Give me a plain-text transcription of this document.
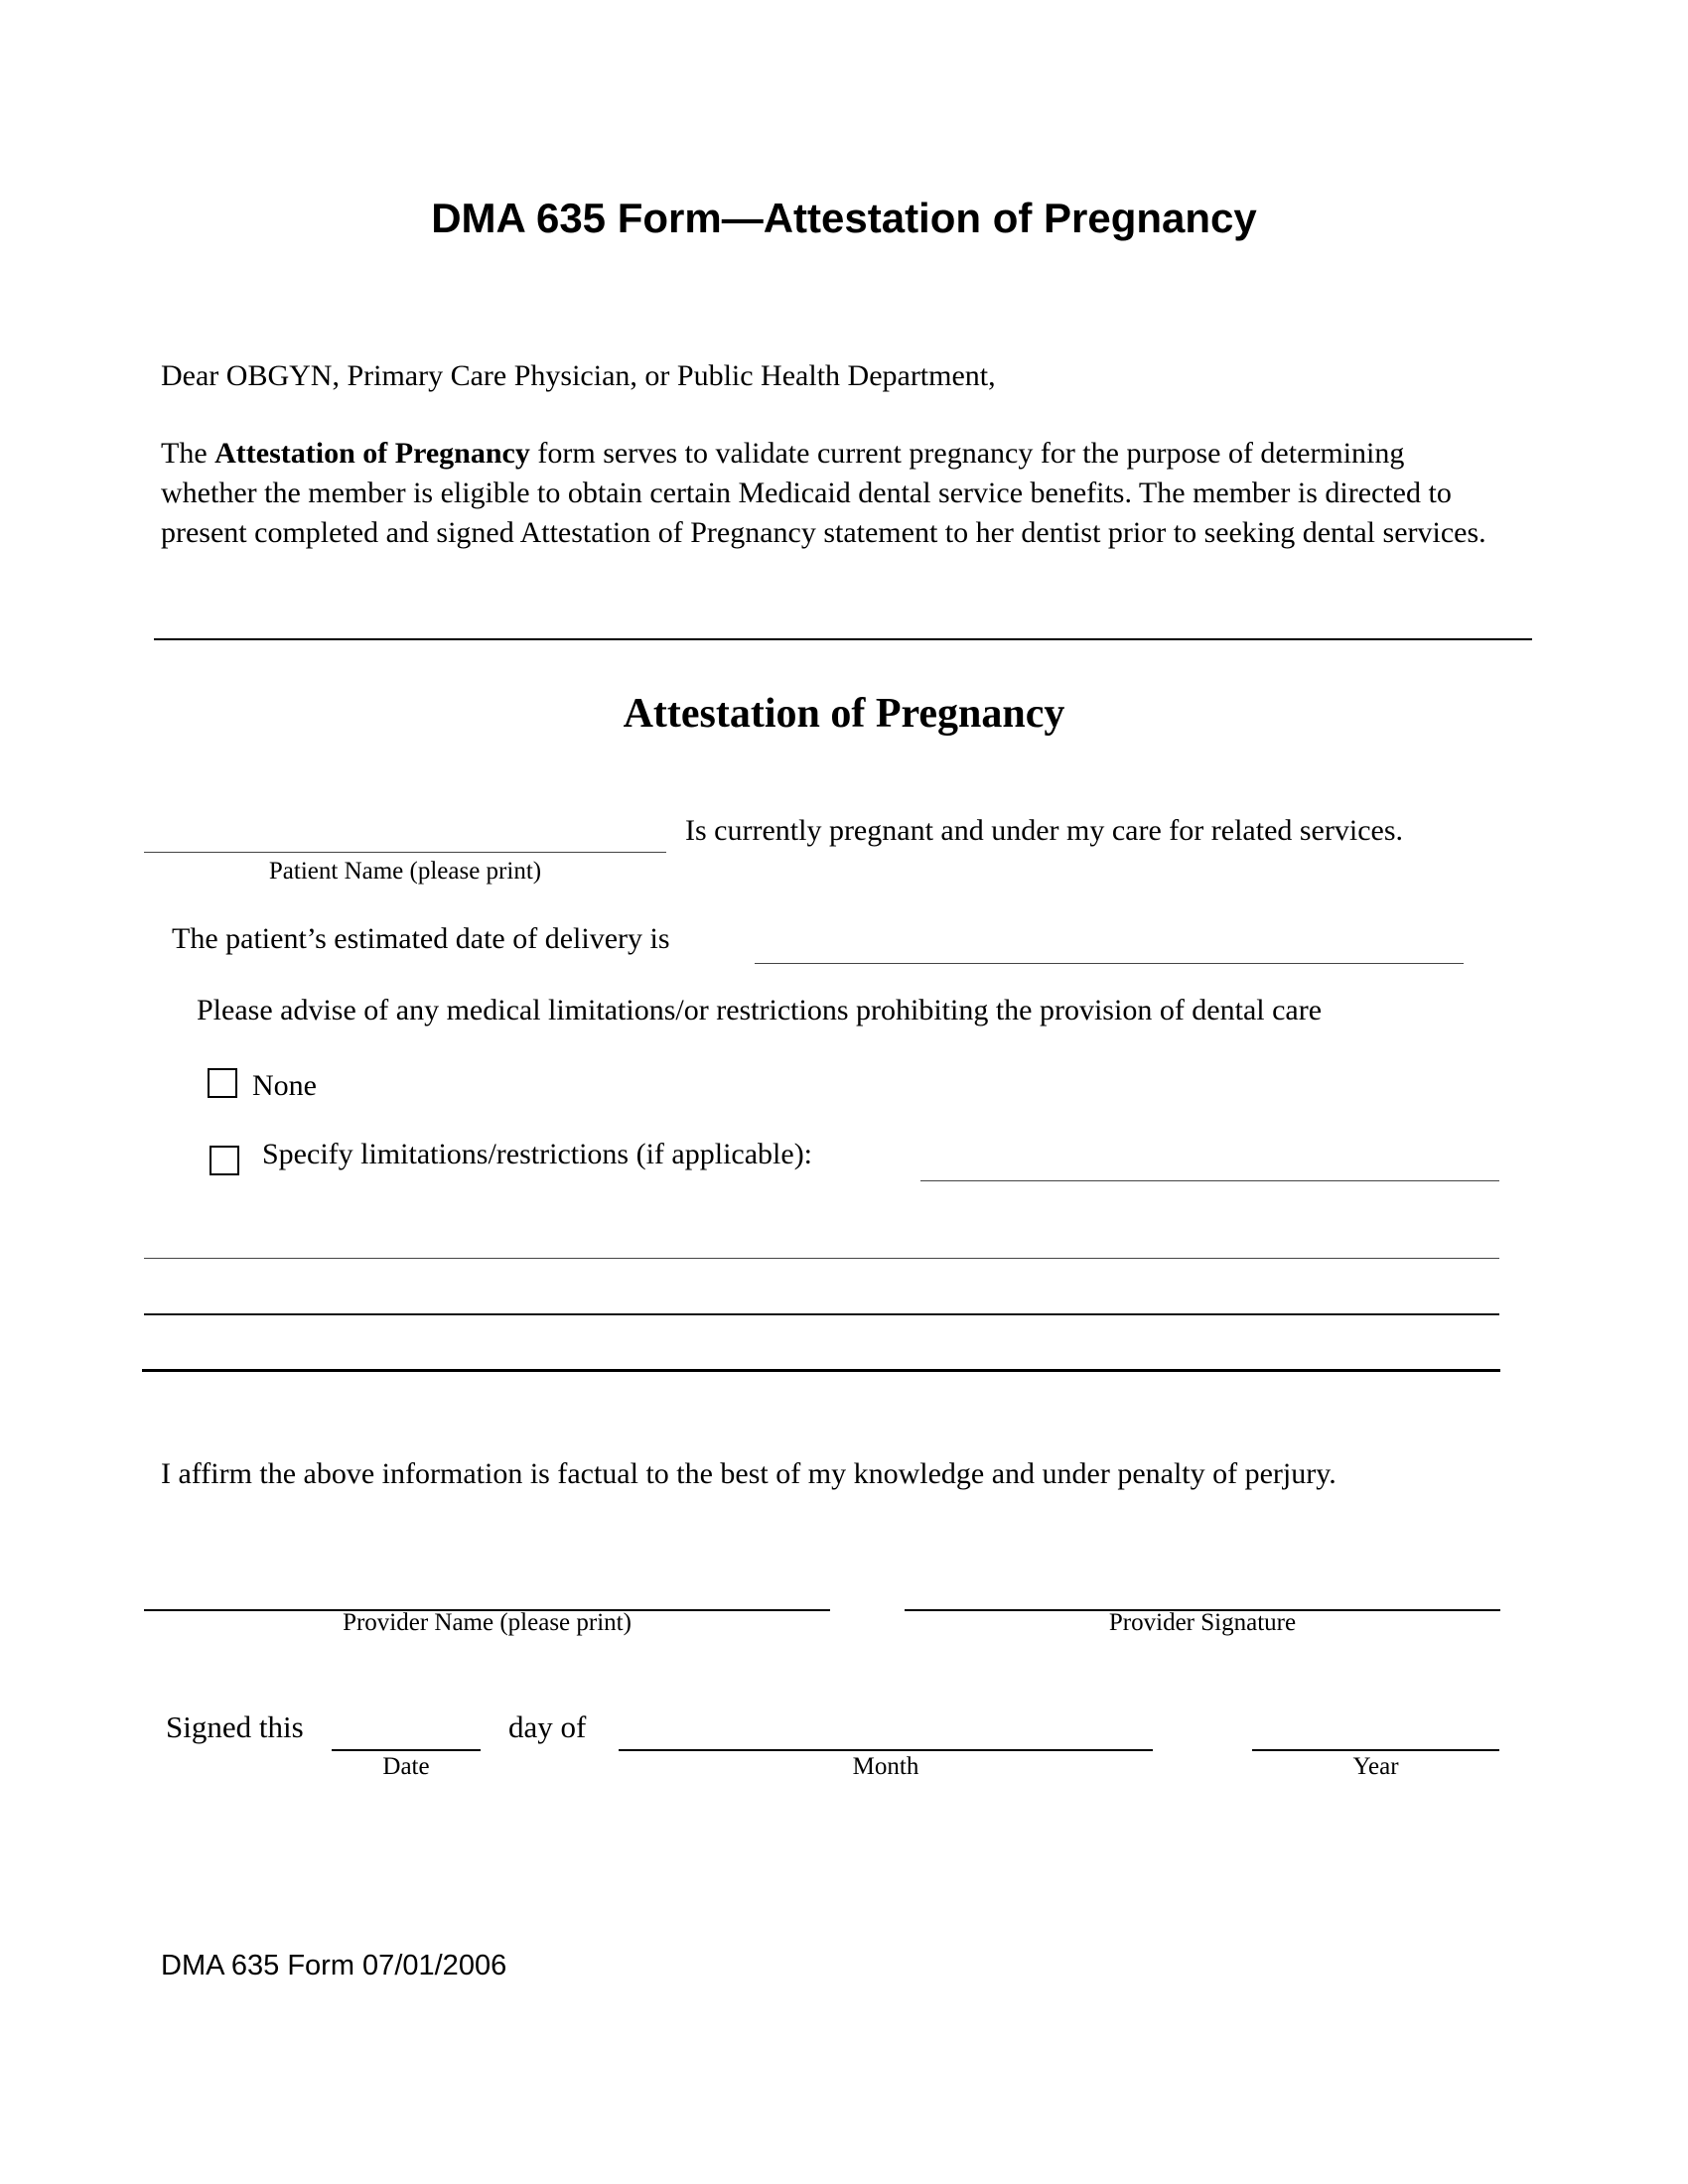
DMA 635 Form—Attestation of Pregnancy
Dear OBGYN, Primary Care Physician, or Public Health Department,

The Attestation of Pregnancy form serves to validate current pregnancy for the purpose of determining whether the member is eligible to obtain certain Medicaid dental service benefits. The member is directed to present completed and signed Attestation of Pregnancy statement to her dentist prior to seeking dental services.

Attestation of Pregnancy
Is currently pregnant and under my care for related services.
Patient Name (please print)
The patient’s estimated date of delivery is
Please advise of any medical limitations/or restrictions prohibiting the provision of dental care
None
Specify limitations/restrictions (if applicable):
I affirm the above information is factual to the best of my knowledge and under penalty of perjury.
Provider Name (please print)	Provider Signature
Signed this
Date
day of
Month	Year
DMA 635 Form 07/01/2006
